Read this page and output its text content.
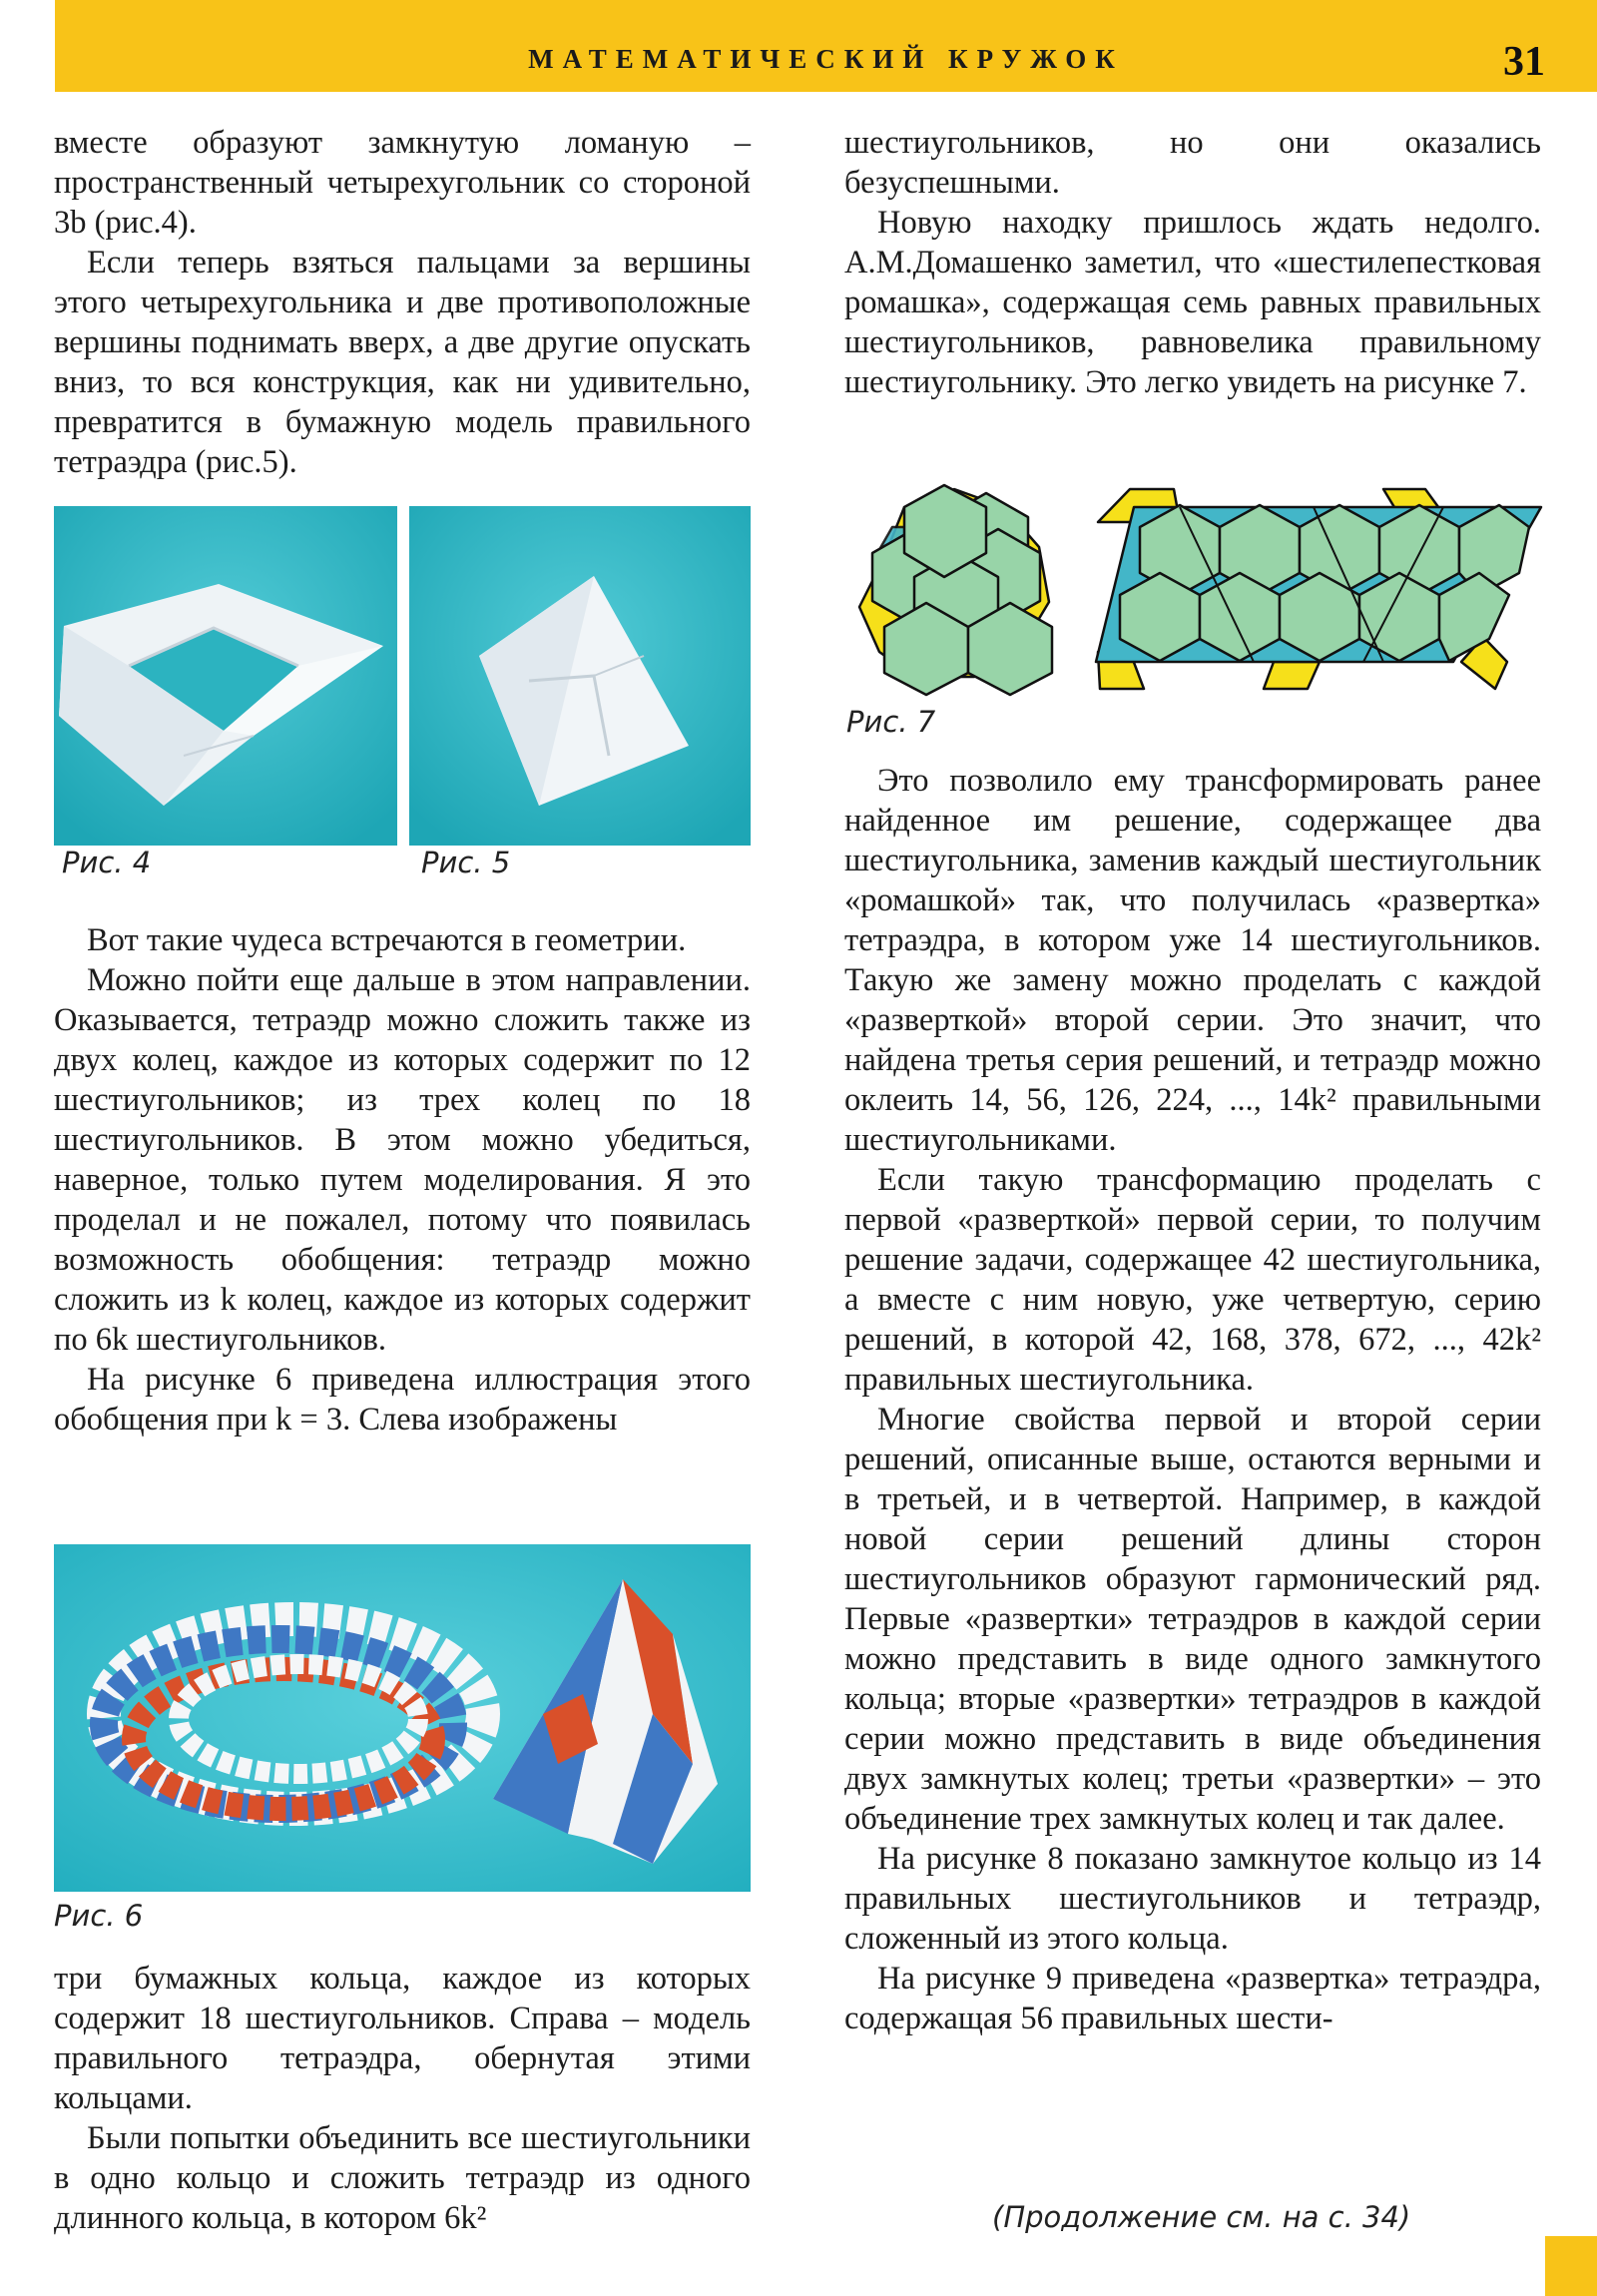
МАТЕМАТИЧЕСКИЙ КРУЖОК	31

вместе образуют замкнутую ломаную – пространственный четырехугольник со стороной 3b (рис.4).

Если теперь взяться пальцами за вершины этого четырехугольника и две противоположные вершины поднимать вверх, а две другие опускать вниз, то вся конструкция, как ни удивительно, превратится в бумажную модель правильного тетраэдра (рис.5).

Рис. 4	Рис. 5

Вот такие чудеса встречаются в геометрии.

Можно пойти еще дальше в этом направлении. Оказывается, тетраэдр можно сложить также из двух колец, каждое из которых содержит по 12 шестиугольников; из трех колец по 18 шестиугольников. В этом можно убедиться, наверное, только путем моделирования. Я это проделал и не пожалел, потому что появилась возможность обобщения: тетраэдр можно сложить из k колец, каждое из которых содержит по 6k шестиугольников.

На рисунке 6 приведена иллюстрация этого обобщения при k = 3. Слева изображены

Рис. 6

три бумажных кольца, каждое из которых содержит 18 шестиугольников. Справа – модель правильного тетраэдра, обернутая этими кольцами.

Были попытки объединить все шестиугольники в одно кольцо и сложить тетраэдр из одного длинного кольца, в котором 6k²

шестиугольников, но они оказались безуспешными.

Новую находку пришлось ждать недолго. А.М.Домашенко заметил, что «шестилепестковая ромашка», содержащая семь равных правильных шестиугольников, равновелика правильному шестиугольнику. Это легко увидеть на рисунке 7.

Рис. 7

Это позволило ему трансформировать ранее найденное им решение, содержащее два шестиугольника, заменив каждый шестиугольник «ромашкой» так, что получилась «развертка» тетраэдра, в котором уже 14 шестиугольников. Такую же замену можно проделать с каждой «разверткой» второй серии. Это значит, что найдена третья серия решений, и тетраэдр можно оклеить 14, 56, 126, 224, ..., 14k² правильными шестиугольниками.

Если такую трансформацию проделать с первой «разверткой» первой серии, то получим решение задачи, содержащее 42 шестиугольника, а вместе с ним новую, уже четвертую, серию решений, в которой 42, 168, 378, 672, ..., 42k² правильных шестиугольника.

Многие свойства первой и второй серии решений, описанные выше, остаются верными и в третьей, и в четвертой. Например, в каждой новой серии решений длины сторон шестиугольников образуют гармонический ряд. Первые «развертки» тетраэдров в каждой серии можно представить в виде одного замкнутого кольца; вторые «развертки» тетраэдров в каждой серии можно представить в виде объединения двух замкнутых колец; третьи «развертки» – это объединение трех замкнутых колец и так далее.

На рисунке 8 показано замкнутое кольцо из 14 правильных шестиугольников и тетраэдр, сложенный из этого кольца.

На рисунке 9 приведена «развертка» тетраэдра, содержащая 56 правильных шести-

(Продолжение см. на с. 34)
